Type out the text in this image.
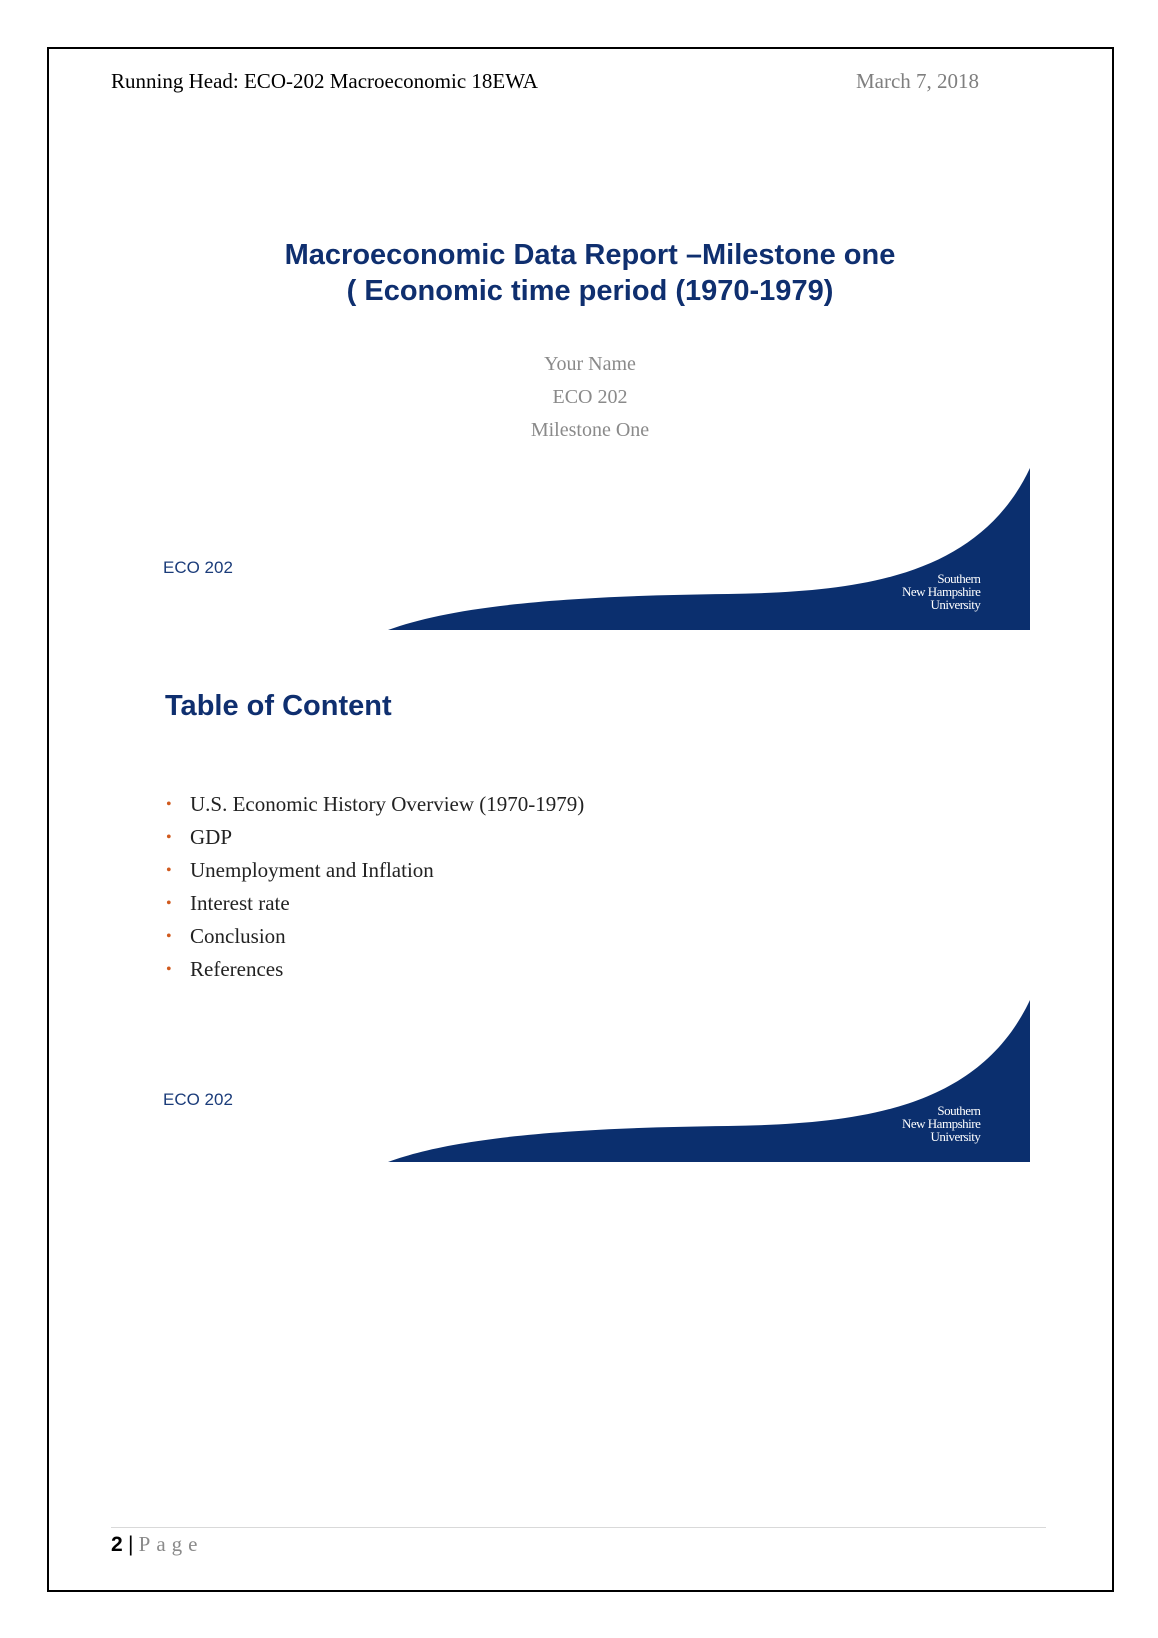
Running Head: ECO-202 Macroeconomic 18EWA	March 7, 2018
Macroeconomic Data Report –Milestone one
( Economic time period (1970-1979)
Your Name
ECO 202
Milestone One
ECO 202
Southern
New Hampshire
University
Table of Content
• U.S. Economic History Overview (1970-1979)
• GDP
• Unemployment and Inflation
• Interest rate
• Conclusion
• References
ECO 202
Southern
New Hampshire
University
2 | Page
